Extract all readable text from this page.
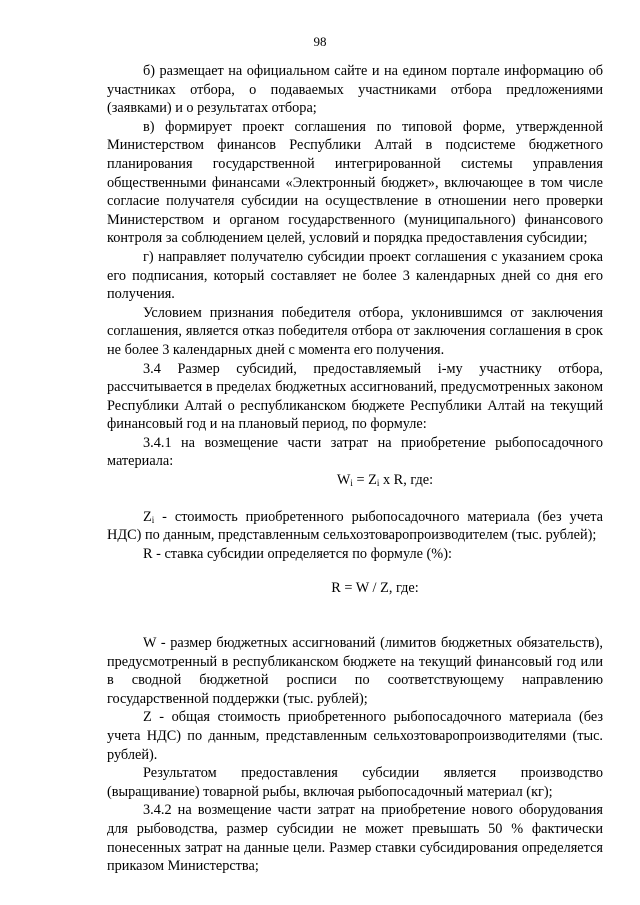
98

б) размещает на официальном сайте и на едином портале информацию об участниках отбора, о подаваемых участниками отбора предложениями (заявками) и о результатах отбора;

в) формирует проект соглашения по типовой форме, утвержденной Министерством финансов Республики Алтай в подсистеме бюджетного планирования государственной интегрированной системы управления общественными финансами «Электронный бюджет», включающее в том числе согласие получателя субсидии на осуществление в отношении него проверки Министерством и органом государственного (муниципального) финансового контроля за соблюдением целей, условий и порядка предоставления субсидии;

г) направляет получателю субсидии проект соглашения с указанием срока его подписания, который составляет не более 3 календарных дней со дня его получения.

Условием признания победителя отбора, уклонившимся от заключения соглашения, является отказ победителя отбора от заключения соглашения в срок не более 3 календарных дней с момента его получения.

3.4 Размер субсидий, предоставляемый i-му участнику отбора, рассчитывается в пределах бюджетных ассигнований, предусмотренных законом Республики Алтай о республиканском бюджете Республики Алтай на текущий финансовый год и на плановый период, по формуле:

3.4.1 на возмещение части затрат на приобретение рыбопосадочного материала:

$W_i = Z_i$ x R, где:

$Z_i$ - стоимость приобретенного рыбопосадочного материала (без учета НДС) по данным, представленным сельхозтоваропроизводителем (тыс. рублей);

R - ставка субсидии определяется по формуле (%):

R = W / Z, где:

W - размер бюджетных ассигнований (лимитов бюджетных обязательств), предусмотренный в республиканском бюджете на текущий финансовый год или в сводной бюджетной росписи по соответствующему направлению государственной поддержки (тыс. рублей);

Z - общая стоимость приобретенного рыбопосадочного материала (без учета НДС) по данным, представленным сельхозтоваропроизводителями (тыс. рублей).

Результатом предоставления субсидии является производство (выращивание) товарной рыбы, включая рыбопосадочный материал (кг);

3.4.2 на возмещение части затрат на приобретение нового оборудования для рыбоводства, размер субсидии не может превышать 50 % фактически понесенных затрат на данные цели. Размер ставки субсидирования определяется приказом Министерства;
